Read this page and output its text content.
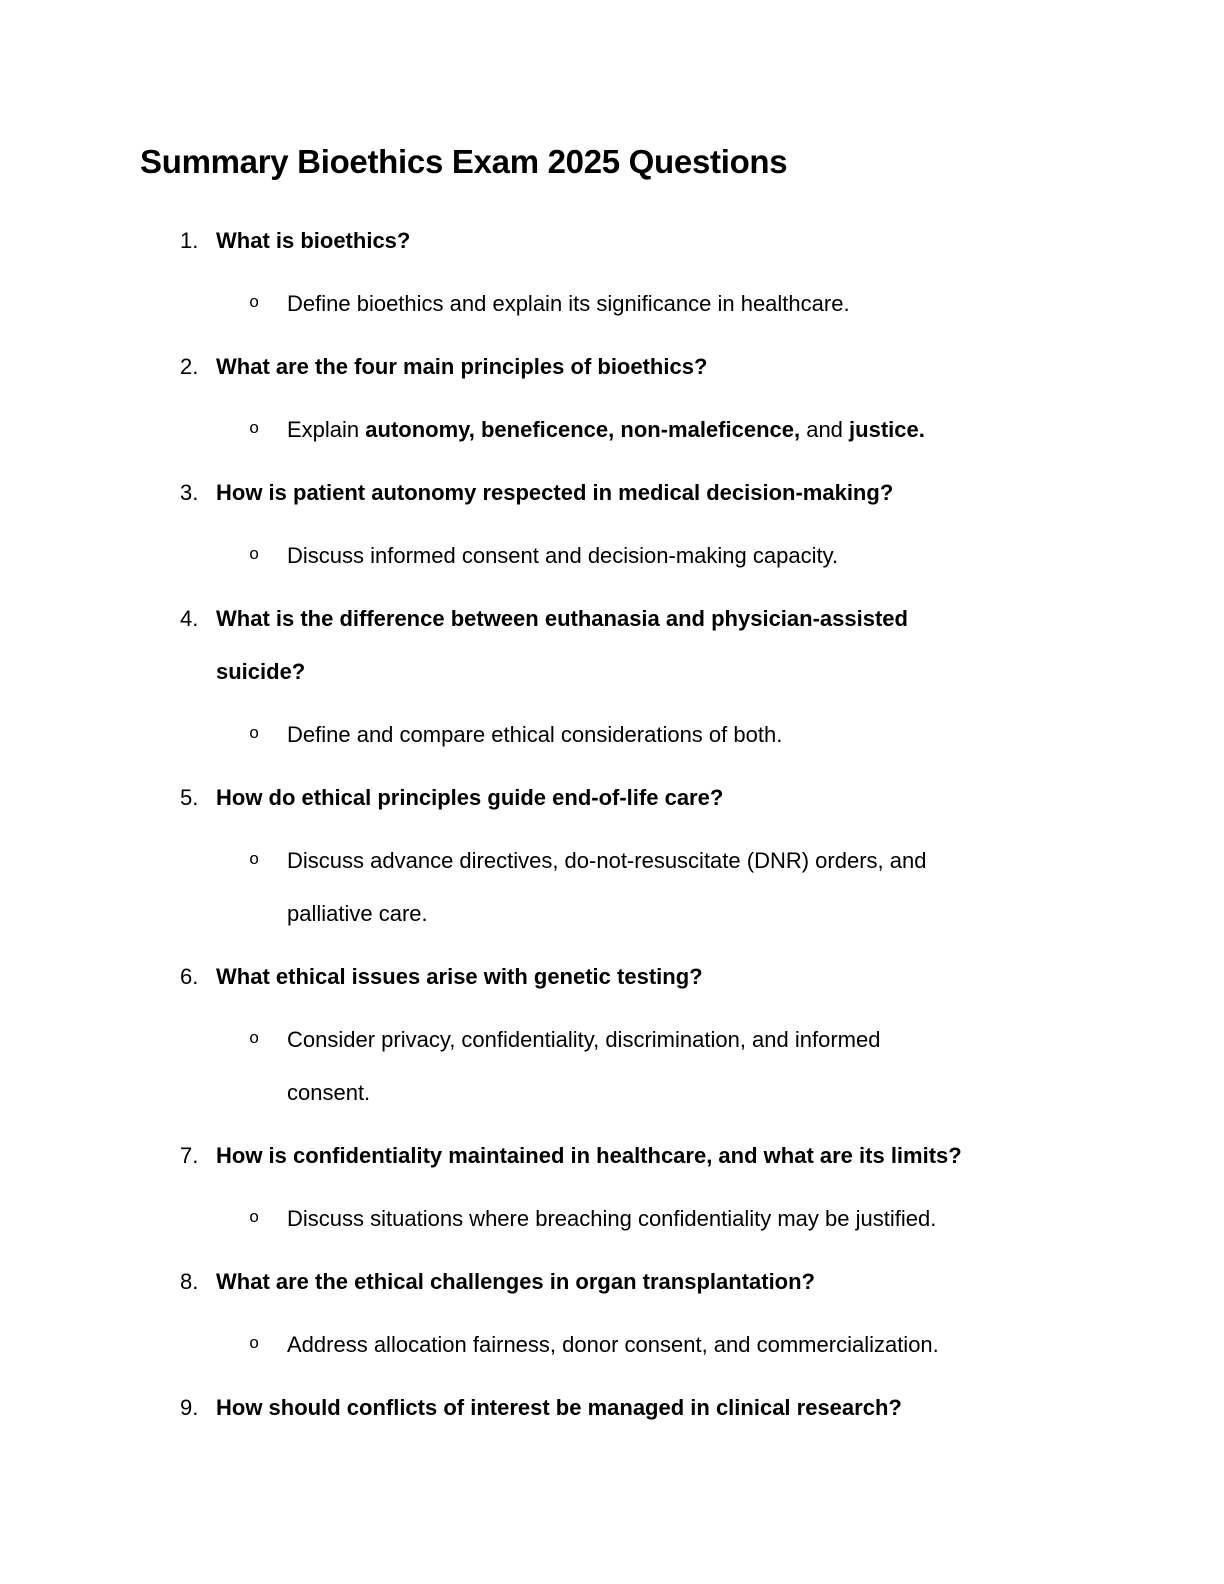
Summary Bioethics Exam 2025 Questions
1. What is bioethics?
o	Define bioethics and explain its significance in healthcare.
2. What are the four main principles of bioethics?
o	Explain autonomy, beneficence, non-maleficence, and justice.
3. How is patient autonomy respected in medical decision-making?
o	Discuss informed consent and decision-making capacity.
4. What is the difference between euthanasia and physician-assisted
suicide?
o	Define and compare ethical considerations of both.
5. How do ethical principles guide end-of-life care?
o	Discuss advance directives, do-not-resuscitate (DNR) orders, and
palliative care.
6. What ethical issues arise with genetic testing?
o	Consider privacy, confidentiality, discrimination, and informed
consent.
7. How is confidentiality maintained in healthcare, and what are its limits?
o	Discuss situations where breaching confidentiality may be justified.
8. What are the ethical challenges in organ transplantation?
o	Address allocation fairness, donor consent, and commercialization.
9. How should conflicts of interest be managed in clinical research?
